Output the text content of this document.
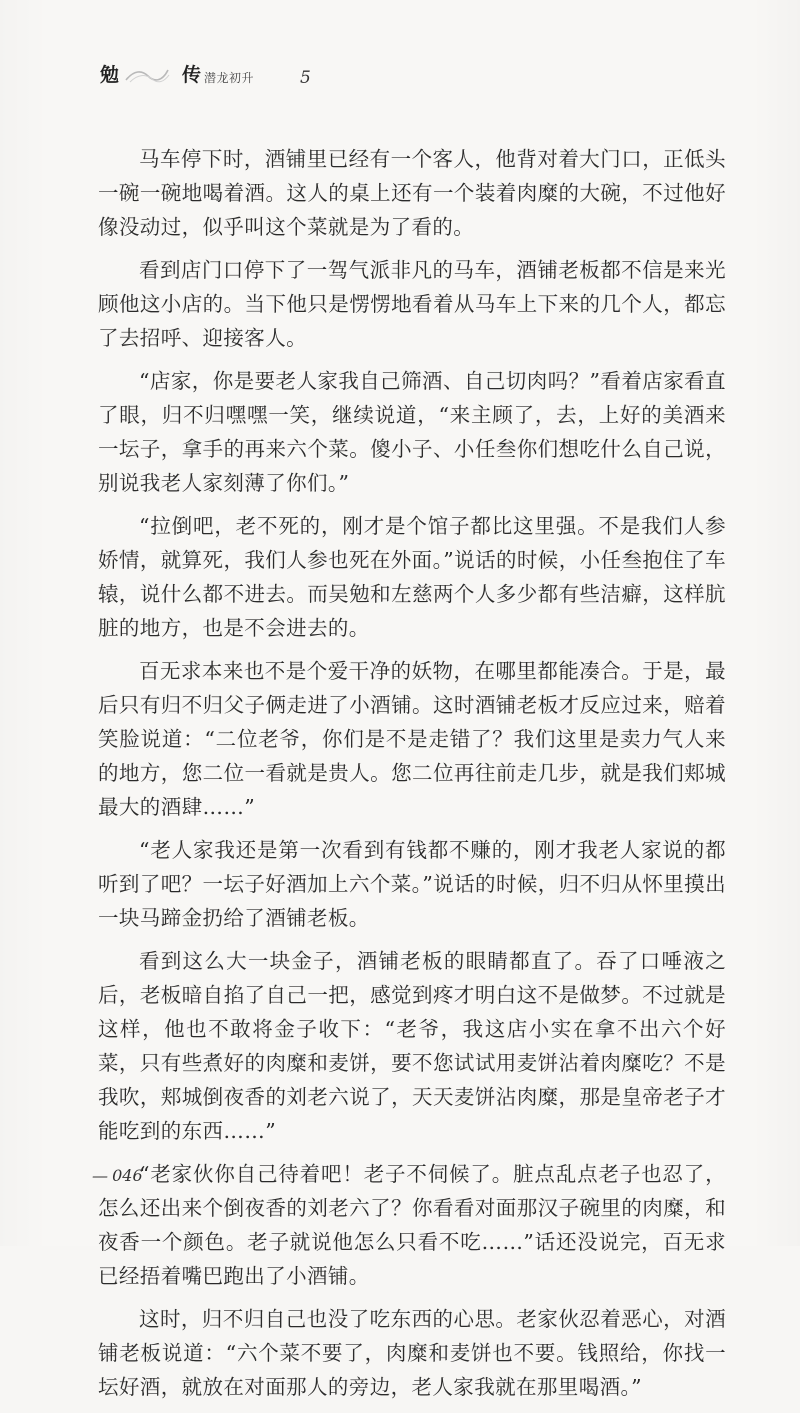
勉	传 潜龙初升	5

马车停下时，酒铺里已经有一个客人，他背对着大门口，正低头一碗一碗地喝着酒。这人的桌上还有一个装着肉糜的大碗，不过他好像没动过，似乎叫这个菜就是为了看的。

看到店门口停下了一驾气派非凡的马车，酒铺老板都不信是来光顾他这小店的。当下他只是愣愣地看着从马车上下来的几个人，都忘了去招呼、迎接客人。

“店家，你是要老人家我自己筛酒、自己切肉吗？”看着店家看直了眼，归不归嘿嘿一笑，继续说道，“来主顾了，去，上好的美酒来一坛子，拿手的再来六个菜。傻小子、小任叁你们想吃什么自己说，别说我老人家刻薄了你们。”

“拉倒吧，老不死的，刚才是个馆子都比这里强。不是我们人参娇情，就算死，我们人参也死在外面。”说话的时候，小任叁抱住了车辕，说什么都不进去。而吴勉和左慈两个人多少都有些洁癖，这样肮脏的地方，也是不会进去的。

百无求本来也不是个爱干净的妖物，在哪里都能凑合。于是，最后只有归不归父子俩走进了小酒铺。这时酒铺老板才反应过来，赔着笑脸说道：“二位老爷，你们是不是走错了？我们这里是卖力气人来的地方，您二位一看就是贵人。您二位再往前走几步，就是我们郏城最大的酒肆……”

“老人家我还是第一次看到有钱都不赚的，刚才我老人家说的都听到了吧？一坛子好酒加上六个菜。”说话的时候，归不归从怀里摸出一块马蹄金扔给了酒铺老板。

看到这么大一块金子，酒铺老板的眼睛都直了。吞了口唾液之后，老板暗自掐了自己一把，感觉到疼才明白这不是做梦。不过就是这样，他也不敢将金子收下：“老爷，我这店小实在拿不出六个好菜，只有些煮好的肉糜和麦饼，要不您试试用麦饼沾着肉糜吃？不是我吹，郏城倒夜香的刘老六说了，天天麦饼沾肉糜，那是皇帝老子才能吃到的东西……”

“老家伙你自己待着吧！老子不伺候了。脏点乱点老子也忍了，怎么还出来个倒夜香的刘老六了？你看看对面那汉子碗里的肉糜，和夜香一个颜色。老子就说他怎么只看不吃……”话还没说完，百无求已经捂着嘴巴跑出了小酒铺。

这时，归不归自己也没了吃东西的心思。老家伙忍着恶心，对酒铺老板说道：“六个菜不要了，肉糜和麦饼也不要。钱照给，你找一坛好酒，就放在对面那人的旁边，老人家我就在那里喝酒。”

— 046
